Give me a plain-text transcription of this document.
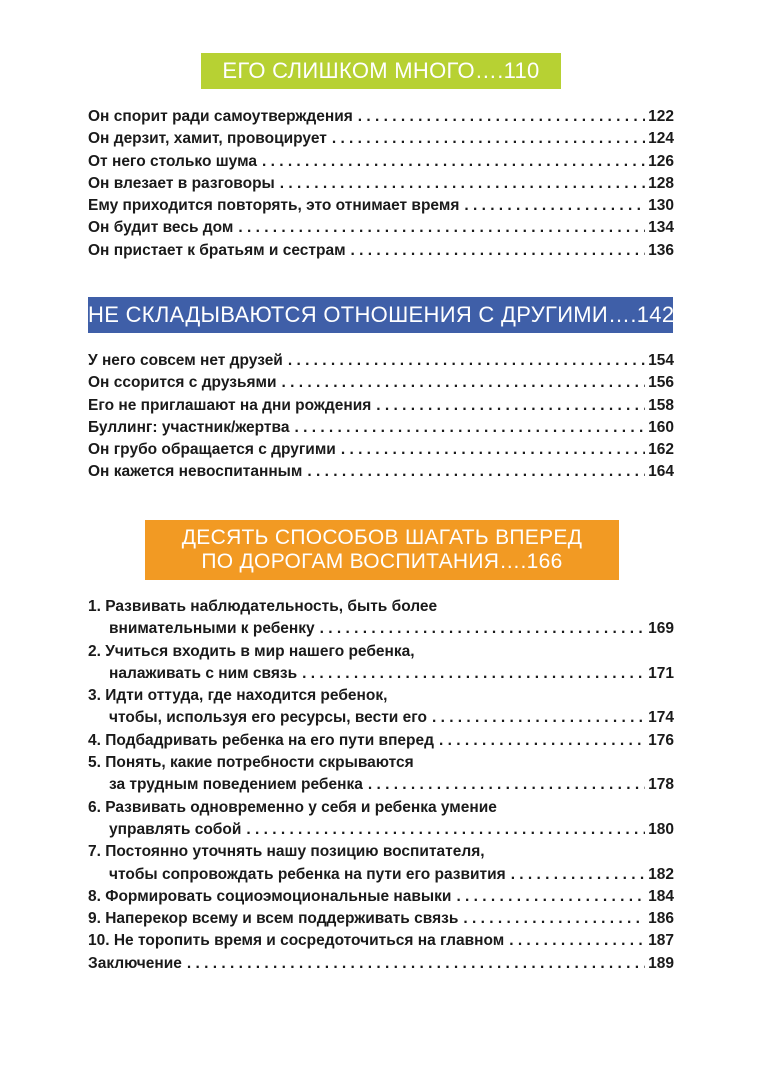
ЕГО СЛИШКОМ МНОГО….110
Он спорит ради самоутверждения . . .	122
Он дерзит, хамит, провоцирует . . .	124
От него столько шума . . .	126
Он влезает в разговоры . . .	128
Ему приходится повторять, это отнимает время . . .	130
Он будит весь дом . . .	134
Он пристает к братьям и сестрам . . .	136
НЕ СКЛАДЫВАЮТСЯ ОТНОШЕНИЯ С ДРУГИМИ….142
У него совсем нет друзей . . .	154
Он ссорится с друзьями . . .	156
Его не приглашают на дни рождения . . .	158
Буллинг: участник/жертва . . .	160
Он грубо обращается с другими . . .	162
Он кажется невоспитанным . . .	164
ДЕСЯТЬ СПОСОБОВ ШАГАТЬ ВПЕРЕД
ПО ДОРОГАМ ВОСПИТАНИЯ….166
1. Развивать наблюдательность, быть более
внимательными к ребенку . . .	169
2. Учиться входить в мир нашего ребенка,
налаживать с ним связь . . .	171
3. Идти оттуда, где находится ребенок,
чтобы, используя его ресурсы, вести его . . .	174
4. Подбадривать ребенка на его пути вперед . . .	176
5. Понять, какие потребности скрываются
за трудным поведением ребенка . . .	178
6. Развивать одновременно у себя и ребенка умение
управлять собой . . .	180
7. Постоянно уточнять нашу позицию воспитателя,
чтобы сопровождать ребенка на пути его развития . . .	182
8. Формировать социоэмоциональные навыки . . .	184
9. Наперекор всему и всем поддерживать связь . . .	186
10. Не торопить время и сосредоточиться на главном . . .	187
Заключение . . .	189
